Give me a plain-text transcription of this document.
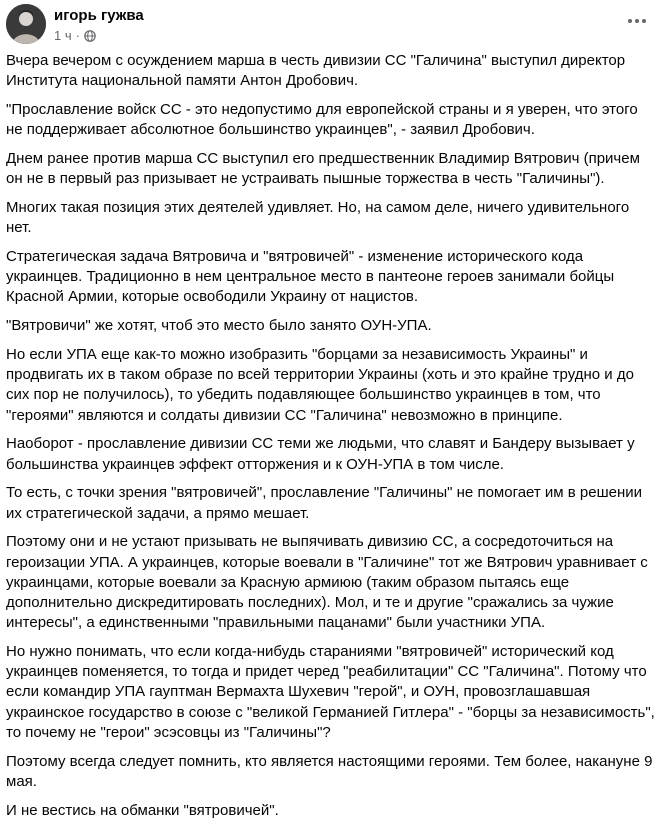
игорь гужва
1 ч ·

Вчера вечером с осуждением марша в честь дивизии СС "Галичина" выступил директор Института национальной памяти Антон Дробович.

"Прославление войск СС - это недопустимо для европейской страны и я уверен, что этого не поддерживает абсолютное большинство украинцев", - заявил Дробович.

Днем ранее против марша СС выступил его предшественник Владимир Вятрович (причем он не в первый раз призывает не устраивать пышные торжества в честь "Галичины").

Многих такая позиция этих деятелей удивляет. Но, на самом деле, ничего удивительного нет.

Стратегическая задача Вятровича и "вятровичей" - изменение исторического кода украинцев. Традиционно в нем центральное место в пантеоне героев занимали бойцы Красной Армии, которые освободили Украину от нацистов.

"Вятровичи" же хотят, чтоб это место было занято ОУН-УПА.

Но если УПА еще как-то можно изобразить "борцами за независимость Украины" и продвигать их в таком образе по всей территории Украины (хоть и это крайне трудно и до сих пор не получилось), то убедить подавляющее большинство украинцев в том, что "героями" являются и солдаты дивизии СС "Галичина" невозможно в принципе.

Наоборот - прославление дивизии СС теми же людьми, что славят и Бандеру вызывает у большинства украинцев эффект отторжения и к ОУН-УПА в том числе.

То есть, с точки зрения "вятровичей", прославление "Галичины" не помогает им в решении их стратегической задачи, а прямо мешает.

Поэтому они и не устают призывать не выпячивать дивизию СС, а сосредоточиться на героизации УПА. А украинцев, которые воевали в "Галичине" тот же Вятрович уравнивает с украинцами, которые воевали за Красную армиюю (таким образом пытаясь еще дополнительно дискредитировать последних). Мол, и те и другие "сражались за чужие интересы", а единственными "правильными пацанами" были участники УПА.

Но нужно понимать, что если когда-нибудь стараниями "вятровичей" исторический код украинцев поменяется, то тогда и придет черед "реабилитации" СС "Галичина". Потому что если командир УПА гауптман Вермахта Шухевич "герой", и ОУН, провозглашавшая украинское государство в союзе с "великой Германией Гитлера" - "борцы за независимость", то почему не "герои" эсэсовцы из "Галичины"?

Поэтому всегда следует помнить, кто является настоящими героями. Тем более, накануне 9 мая.

И не вестись на обманки "вятровичей".
